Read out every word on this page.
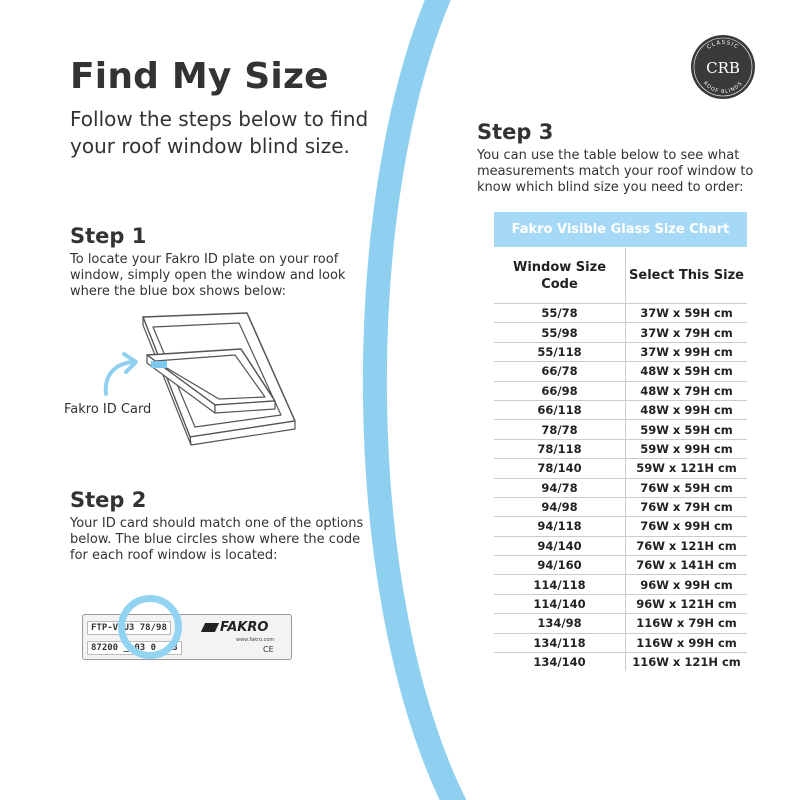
Find My Size
Follow the steps below to find your roof window blind size.
Step 1
To locate your Fakro ID plate on your roof window, simply open the window and look where the blue box shows below:
Fakro ID Card
Step 2
Your ID card should match one of the options below. The blue circles show where the code for each roof window is located:
FTP-V U3 78/98
87200 _ 03 0_ 43
FAKRO
www.fakro.com
CE
Step 3
You can use the table below to see what measurements match your roof window to know which blind size you need to order:
CLASSIC
ROOF BLINDS
CRB
Fakro Visible Glass Size Chart
Window Size Code	Select This Size
55/78	37W x 59H cm
55/98	37W x 79H cm
55/118	37W x 99H cm
66/78	48W x 59H cm
66/98	48W x 79H cm
66/118	48W x 99H cm
78/78	59W x 59H cm
78/118	59W x 99H cm
78/140	59W x 121H cm
94/78	76W x 59H cm
94/98	76W x 79H cm
94/118	76W x 99H cm
94/140	76W x 121H cm
94/160	76W x 141H cm
114/118	96W x 99H cm
114/140	96W x 121H cm
134/98	116W x 79H cm
134/118	116W x 99H cm
134/140	116W x 121H cm
